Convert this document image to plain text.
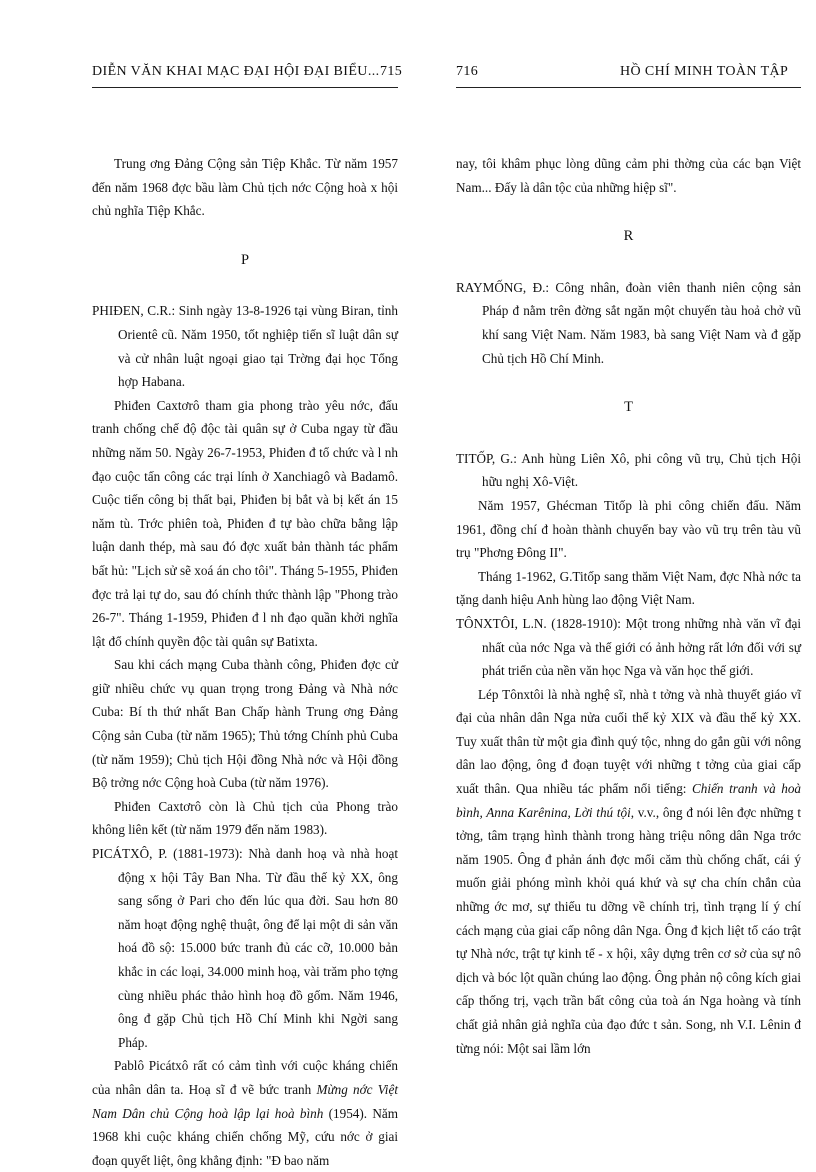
DIỄN VĂN KHAI MẠC ĐẠI HỘI ĐẠI BIỂU... 715

Trung ơng Đảng Cộng sản Tiệp Khắc. Từ năm 1957 đến năm 1968 đợc bầu làm Chủ tịch nớc Cộng hoà x hội chủ nghĩa Tiệp Khắc.

P

PHIĐEN, C.R.: Sinh ngày 13-8-1926 tại vùng Biran, tỉnh Orientê cũ. Năm 1950, tốt nghiệp tiến sĩ luật dân sự và cử nhân luật ngoại giao tại Trờng đại học Tổng hợp Habana.

Phiđen Caxtơrô tham gia phong trào yêu nớc, đấu tranh chống chế độ độc tài quân sự ở Cuba ngay từ đầu những năm 50. Ngày 26-7-1953, Phiđen đ tổ chức và l nh đạo cuộc tấn công các trại lính ở Xanchiagô và Badamô. Cuộc tiến công bị thất bại, Phiđen bị bắt và bị kết án 15 năm tù. Trớc phiên toà, Phiđen đ tự bào chữa bằng lập luận danh thép, mà sau đó đợc xuất bản thành tác phẩm bất hủ: "Lịch sử sẽ xoá án cho tôi". Tháng 5-1955, Phiđen đợc trả lại tự do, sau đó chính thức thành lập "Phong trào 26-7". Tháng 1-1959, Phiđen đ l nh đạo quần khởi nghĩa lật đổ chính quyền độc tài quân sự Batixta.

Sau khi cách mạng Cuba thành công, Phiđen đợc cử giữ nhiều chức vụ quan trọng trong Đảng và Nhà nớc Cuba: Bí th thứ nhất Ban Chấp hành Trung ơng Đảng Cộng sản Cuba (từ năm 1965); Thủ tớng Chính phủ Cuba (từ năm 1959); Chủ tịch Hội đồng Nhà nớc và Hội đồng Bộ trởng nớc Cộng hoà Cuba (từ năm 1976).

Phiđen Caxtơrô còn là Chủ tịch của Phong trào không liên kết (từ năm 1979 đến năm 1983).

PICÁTXÔ, P. (1881-1973): Nhà danh hoạ và nhà hoạt động x hội Tây Ban Nha. Từ đầu thế kỷ XX, ông sang sống ở Pari cho đến lúc qua đời. Sau hơn 80 năm hoạt động nghệ thuật, ông để lại một di sản văn hoá đồ sộ: 15.000 bức tranh đủ các cỡ, 10.000 bản khắc in các loại, 34.000 minh hoạ, vài trăm pho tợng cùng nhiều phác thảo hình hoạ đồ gốm. Năm 1946, ông đ gặp Chủ tịch Hồ Chí Minh khi Ngời sang Pháp.

Pablô Picátxô rất có cảm tình với cuộc kháng chiến của nhân dân ta. Hoạ sĩ đ vẽ bức tranh Mừng nớc Việt Nam Dân chủ Cộng hoà lập lại hoà bình (1954). Năm 1968 khi cuộc kháng chiến chống Mỹ, cứu nớc ở giai đoạn quyết liệt, ông khẳng định: "Đ bao năm

716	HỒ CHÍ MINH TOÀN TẬP

nay, tôi khâm phục lòng dũng cảm phi thờng của các bạn Việt Nam... Đấy là dân tộc của những hiệp sĩ".

R

RAYMỐNG, Đ.: Công nhân, đoàn viên thanh niên cộng sản Pháp đ nằm trên đờng sắt ngăn một chuyến tàu hoả chở vũ khí sang Việt Nam. Năm 1983, bà sang Việt Nam và đ gặp Chủ tịch Hồ Chí Minh.

T

TITỐP, G.: Anh hùng Liên Xô, phi công vũ trụ, Chủ tịch Hội hữu nghị Xô-Việt.

Năm 1957, Ghécman Titốp là phi công chiến đấu. Năm 1961, đồng chí đ hoàn thành chuyến bay vào vũ trụ trên tàu vũ trụ "Phơng Đông II".

Tháng 1-1962, G.Titốp sang thăm Việt Nam, đợc Nhà nớc ta tặng danh hiệu Anh hùng lao động Việt Nam.

TÔNXTÔI, L.N. (1828-1910): Một trong những nhà văn vĩ đại nhất của nớc Nga và thế giới có ảnh hởng rất lớn đối với sự phát triển của nền văn học Nga và văn học thế giới.

Lép Tônxtôi là nhà nghệ sĩ, nhà t tởng và nhà thuyết giáo vĩ đại của nhân dân Nga nửa cuối thế kỷ XIX và đầu thế kỷ XX. Tuy xuất thân từ một gia đình quý tộc, nhng do gắn gũi với nông dân lao động, ông đ đoạn tuyệt với những t tởng của giai cấp xuất thân. Qua nhiều tác phẩm nổi tiếng: Chiến tranh và hoà bình, Anna Karênina, Lời thú tội, v.v., ông đ nói lên đợc những t tởng, tâm trạng hình thành trong hàng triệu nông dân Nga trớc năm 1905. Ông đ phản ánh đợc mối căm thù chống chất, cái ý muốn giải phóng mình khỏi quá khứ và sự cha chín chắn của những ớc mơ, sự thiếu tu dỡng về chính trị, tình trạng lí ý chí cách mạng của giai cấp nông dân Nga. Ông đ kịch liệt tố cáo trật tự Nhà nớc, trật tự kinh tế - x hội, xây dựng trên cơ sở của sự nô dịch và bóc lột quần chúng lao động. Ông phản nộ công kích giai cấp thống trị, vạch trần bất công của toà án Nga hoàng và tính chất giả nhân giả nghĩa của đạo đức t sản. Song, nh V.I. Lênin đ từng nói: Một sai lầm lớn
